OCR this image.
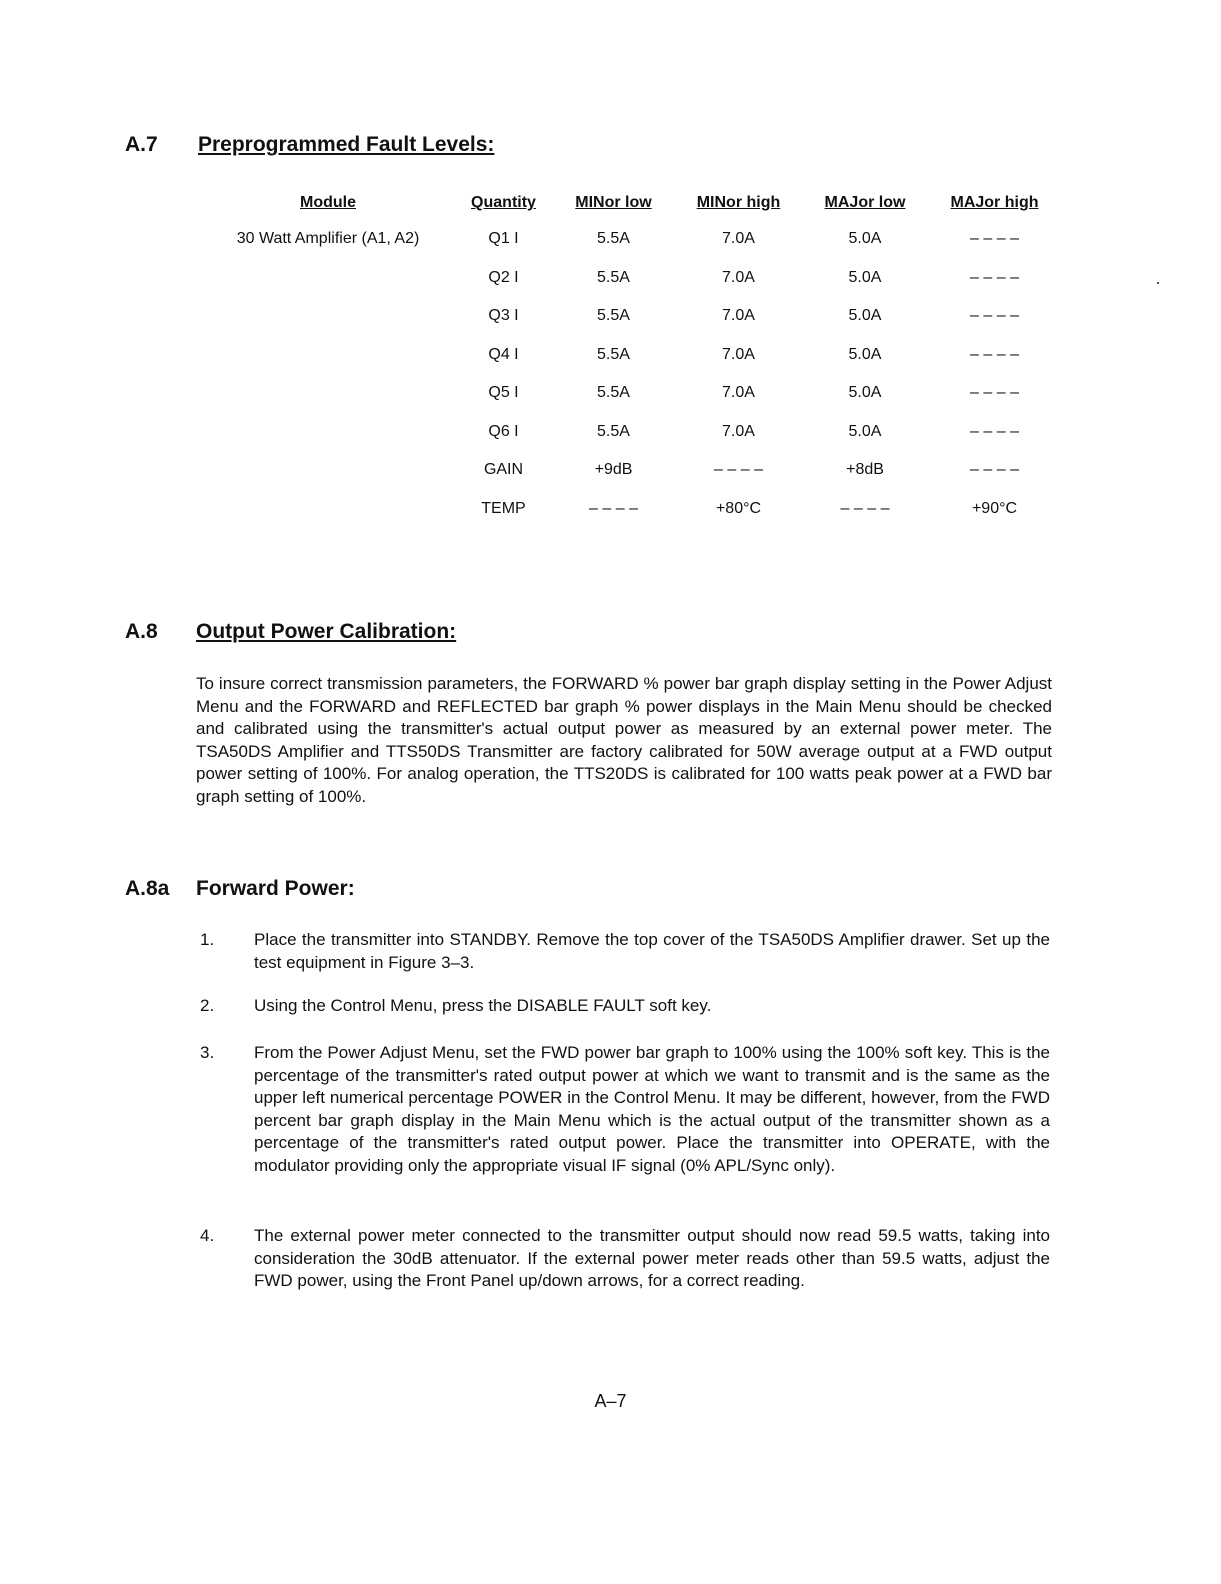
A.7 Preprogrammed Fault Levels:
Module	Quantity	MINor low	MINor high	MAJor low	MAJor high
30 Watt Amplifier (A1, A2)	Q1 I	5.5A	7.0A	5.0A	– – – –
	Q2 I	5.5A	7.0A	5.0A	– – – –
	Q3 I	5.5A	7.0A	5.0A	– – – –
	Q4 I	5.5A	7.0A	5.0A	– – – –
	Q5 I	5.5A	7.0A	5.0A	– – – –
	Q6 I	5.5A	7.0A	5.0A	– – – –
	GAIN	+9dB	– – – –	+8dB	– – – –
	TEMP	– – – –	+80°C	– – – –	+90°C
A.8 Output Power Calibration:

To insure correct transmission parameters, the FORWARD % power bar graph display setting in the Power Adjust Menu and the FORWARD and REFLECTED bar graph % power displays in the Main Menu should be checked and calibrated using the transmitter's actual output power as measured by an external power meter. The TSA50DS Amplifier and TTS50DS Transmitter are factory calibrated for 50W average output at a FWD output power setting of 100%. For analog operation, the TTS20DS is calibrated for 100 watts peak power at a FWD bar graph setting of 100%.

A.8a Forward Power:
1. Place the transmitter into STANDBY. Remove the top cover of the TSA50DS Amplifier drawer. Set up the test equipment in Figure 3–3.

2. Using the Control Menu, press the DISABLE FAULT soft key.

3. From the Power Adjust Menu, set the FWD power bar graph to 100% using the 100% soft key. This is the percentage of the transmitter's rated output power at which we want to transmit and is the same as the upper left numerical percentage POWER in the Control Menu. It may be different, however, from the FWD percent bar graph display in the Main Menu which is the actual output of the transmitter shown as a percentage of the transmitter's rated output power. Place the transmitter into OPERATE, with the modulator providing only the appropriate visual IF signal (0% APL/Sync only).

4. The external power meter connected to the transmitter output should now read 59.5 watts, taking into consideration the 30dB attenuator. If the external power meter reads other than 59.5 watts, adjust the FWD power, using the Front Panel up/down arrows, for a correct reading.

A–7
